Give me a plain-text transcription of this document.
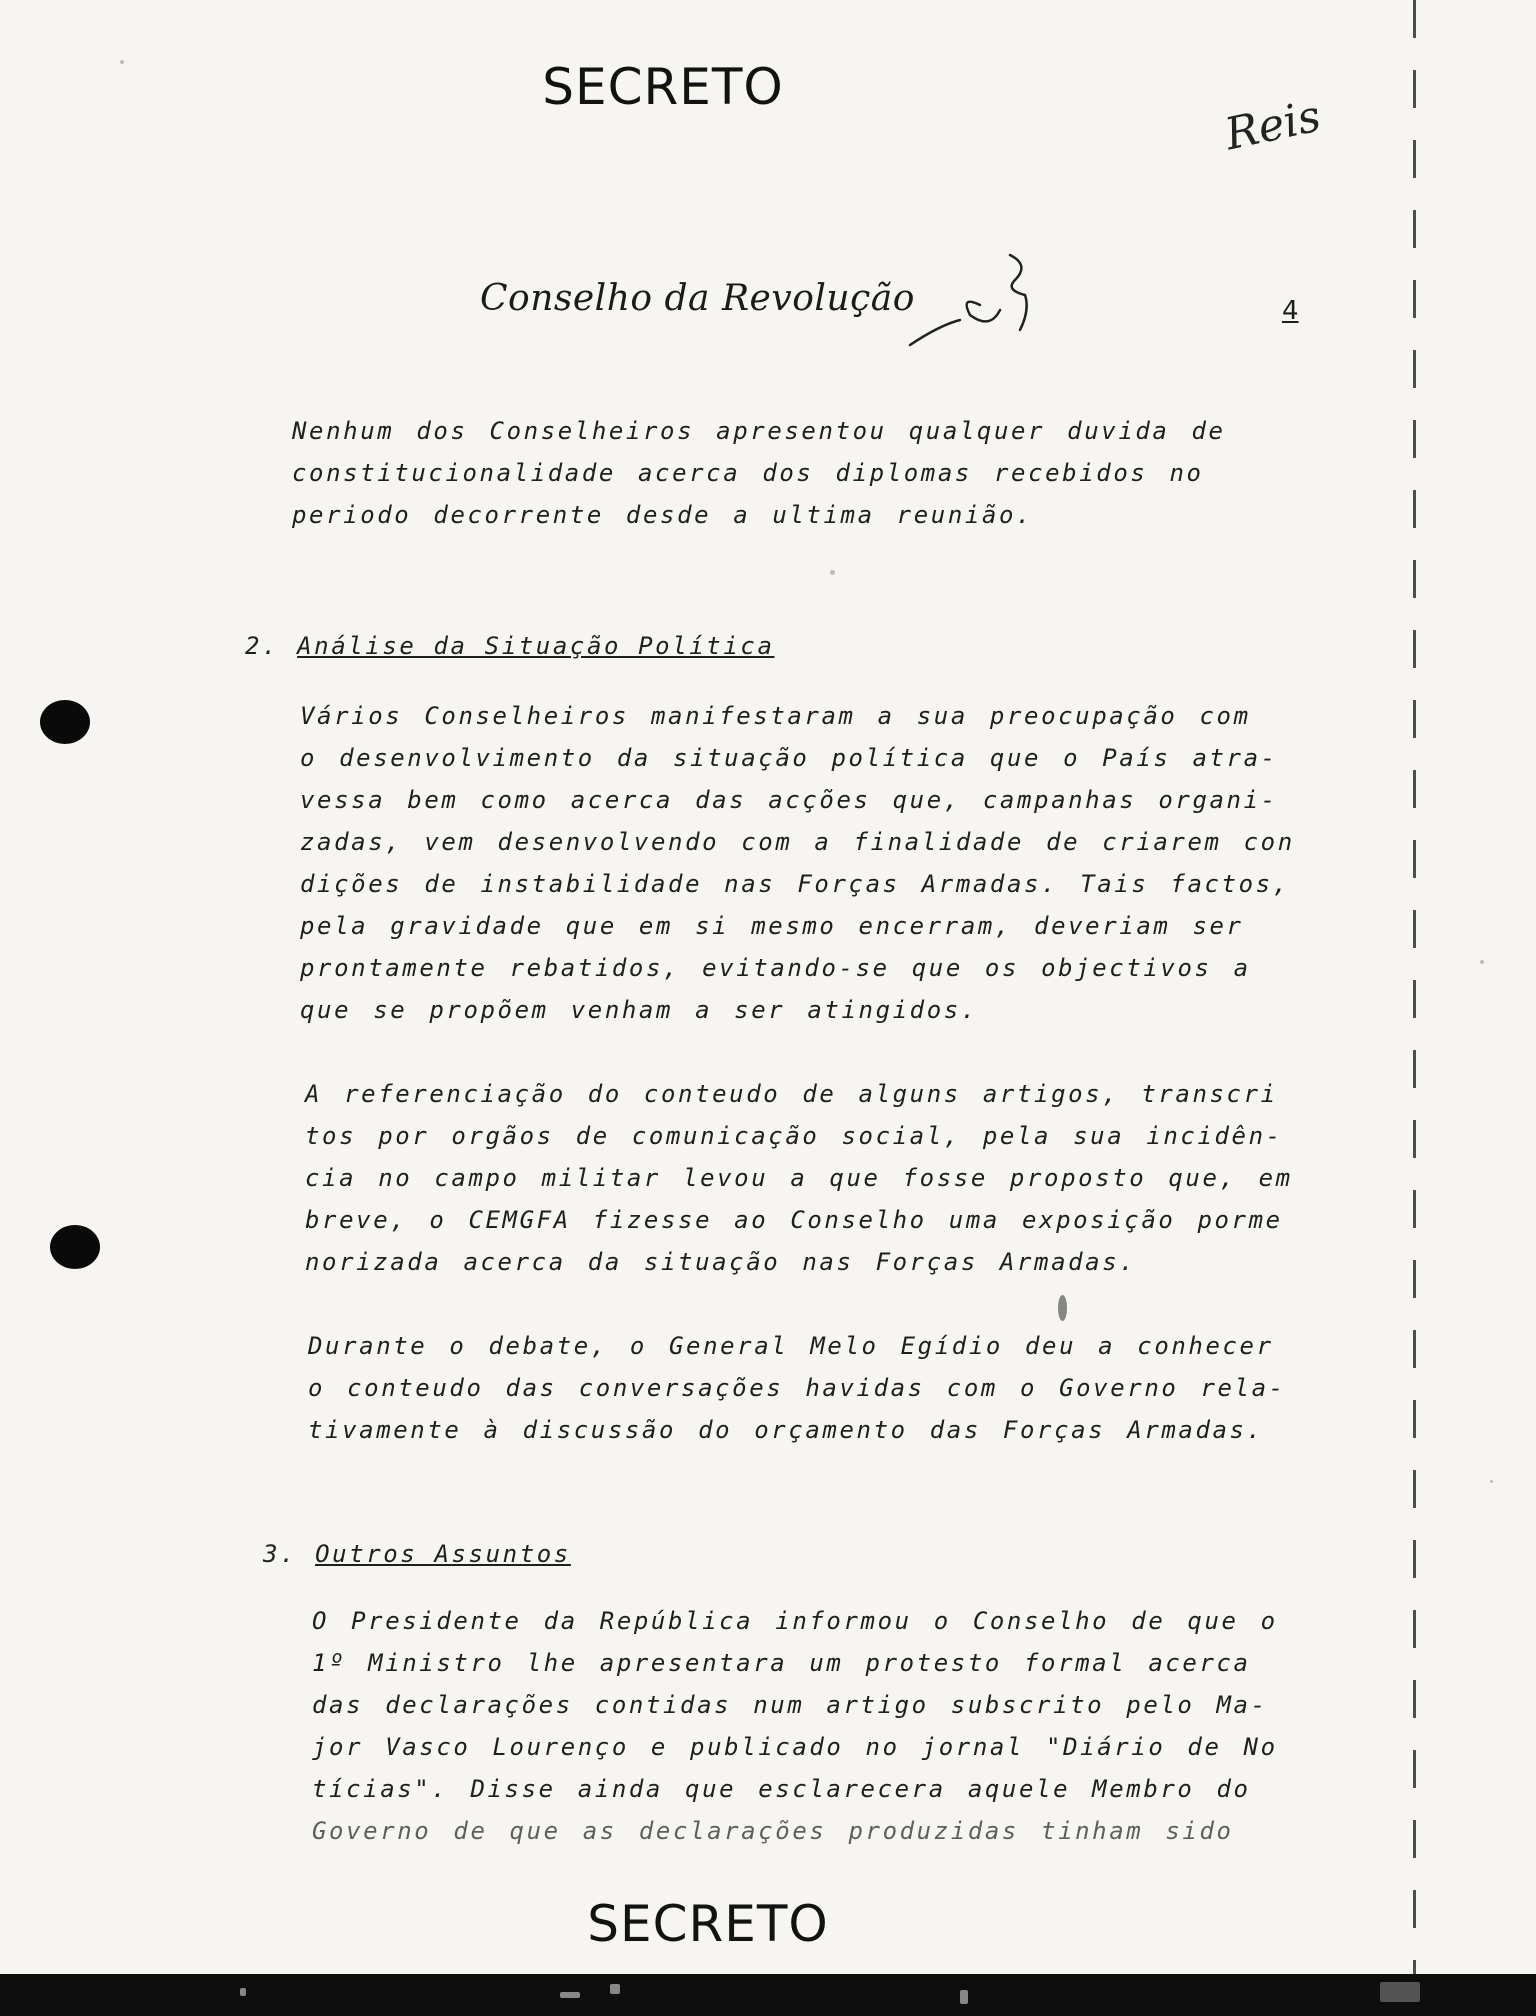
SECRETO
Reis
Conselho da Revolução	4

Nenhum dos Conselheiros apresentou qualquer duvida de

constitucionalidade acerca dos diplomas recebidos no

periodo decorrente desde a ultima reunião.

2. Análise da Situação Política

Vários Conselheiros manifestaram a sua preocupação com

o desenvolvimento da situação política que o País atra-

vessa bem como acerca das acções que, campanhas organi-

zadas, vem desenvolvendo com a finalidade de criarem con

dições de instabilidade nas Forças Armadas. Tais factos,

pela gravidade que em si mesmo encerram, deveriam ser

prontamente rebatidos, evitando-se que os objectivos a

que se propõem venham a ser atingidos.

A referenciação do conteudo de alguns artigos, transcri

tos por orgãos de comunicação social, pela sua incidên-

cia no campo militar levou a que fosse proposto que, em

breve, o CEMGFA fizesse ao Conselho uma exposição porme

norizada acerca da situação nas Forças Armadas.

Durante o debate, o General Melo Egídio deu a conhecer

o conteudo das conversações havidas com o Governo rela-

tivamente à discussão do orçamento das Forças Armadas.

3. Outros Assuntos

O Presidente da República informou o Conselho de que o

1º Ministro lhe apresentara um protesto formal acerca

das declarações contidas num artigo subscrito pelo Ma-

jor Vasco Lourenço e publicado no jornal "Diário de No

tícias". Disse ainda que esclarecera aquele Membro do

Governo de que as declarações produzidas tinham sido

SECRETO
